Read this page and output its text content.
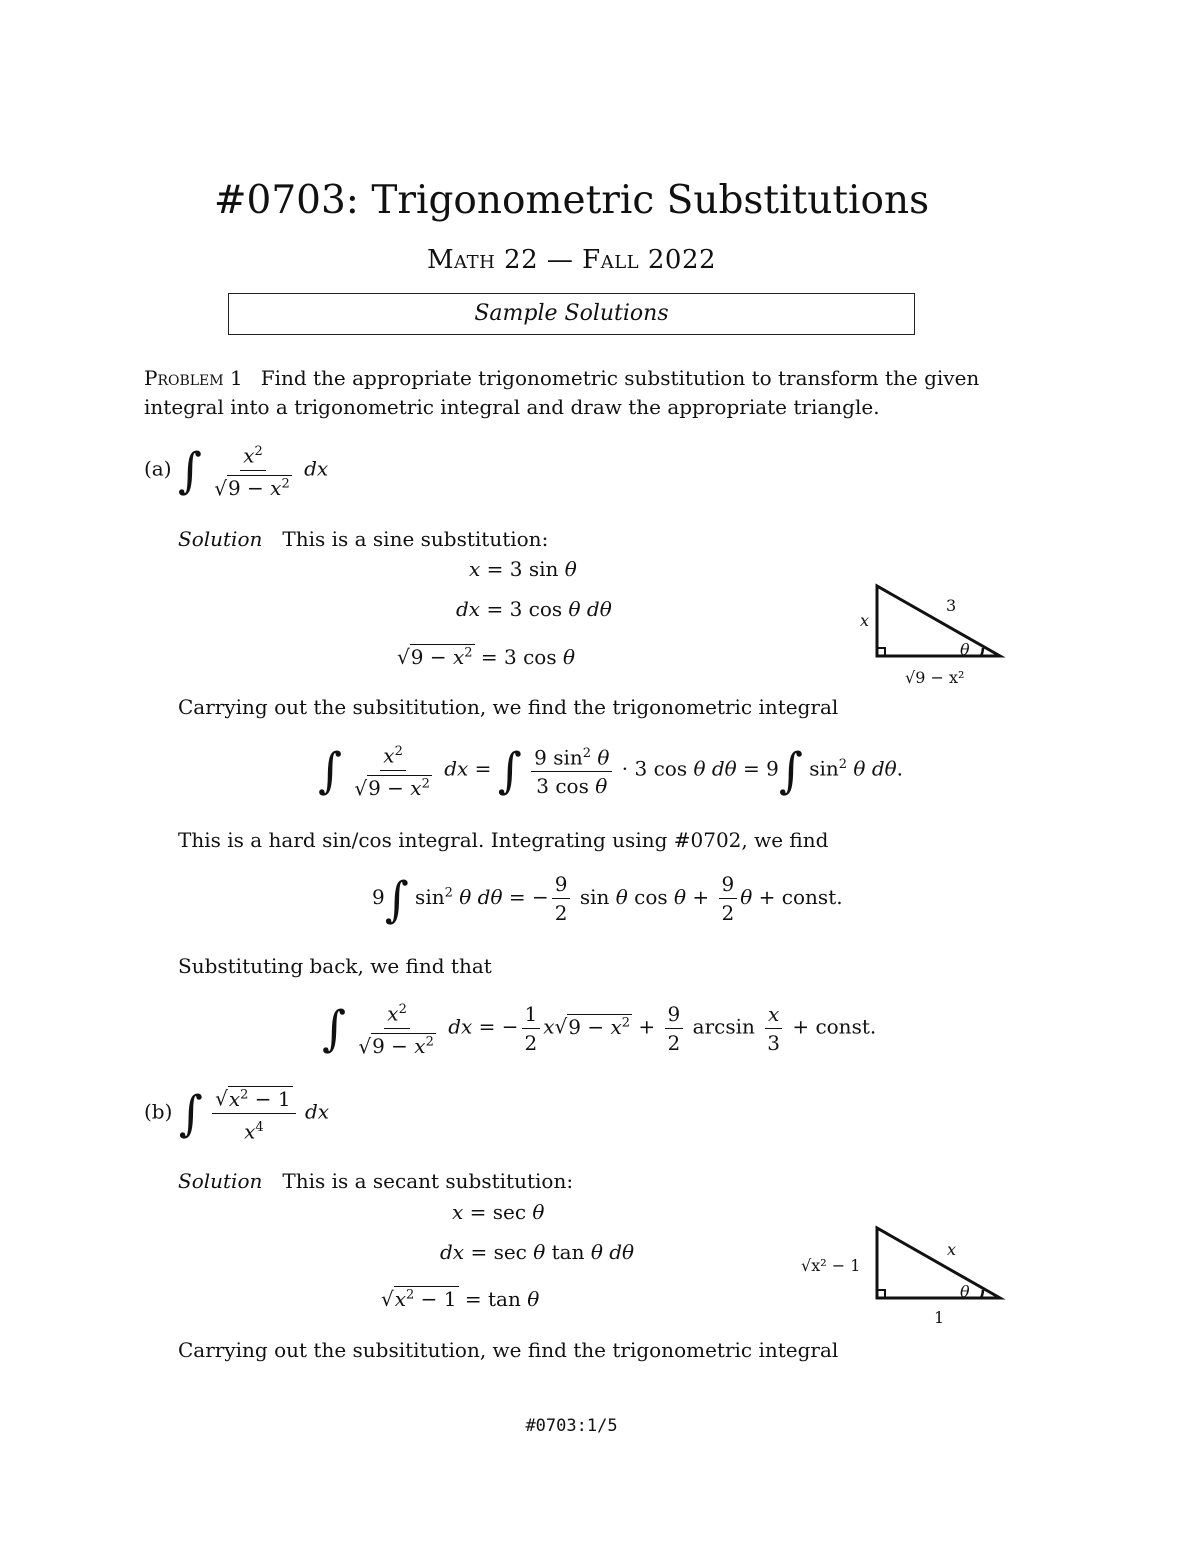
#0703: Trigonometric Substitutions
Math 22 — Fall 2022
Sample Solutions
Problem 1 Find the appropriate trigonometric substitution to transform the given integral into a trigonometric integral and draw the appropriate triangle.
(a) ∫ $\frac{x^2}{√9 - x^2}$ dx
Solution This is a sine substitution:
x = 3 sin θ
dx = 3 cos θ dθ
$√9 - x^2 = 3$ cos θ
3
x
θ
√9 − x²
Carrying out the subsititution, we find the trigonometric integral
∫ $\frac{x^2}{√9 - x^2}$ dx = ∫ $\frac{9 \sin^2 \theta}{\text{3 cos θ}} \cdot 3$ cos θ dθ = 9∫ $\sin^2 \theta$ dθ.
This is a hard sin/cos integral. Integrating using #0702, we find
9∫ $\sin^2 \theta$ dθ = − $\frac{9}{2}$ sin θ $\cos \theta + \frac{9}{2}$ θ + const.
Substituting back, we find that
∫ $\frac{x^2}{√9 - x^2}$ dx = − $\frac{1}{2} x√9 - x^2 + \frac{9}{2}$ $\arcsin \frac{x}{3}$ + const.
(b) ∫ $\frac{√x^2 - 1}{x^4}$ dx
Solution This is a secant substitution:
x = sec θ
dx = sec θ tan θ dθ
$√x^2 - 1 = \tan \theta$
x
√x² − 1
θ
1
Carrying out the subsititution, we find the trigonometric integral
#0703:1/5
